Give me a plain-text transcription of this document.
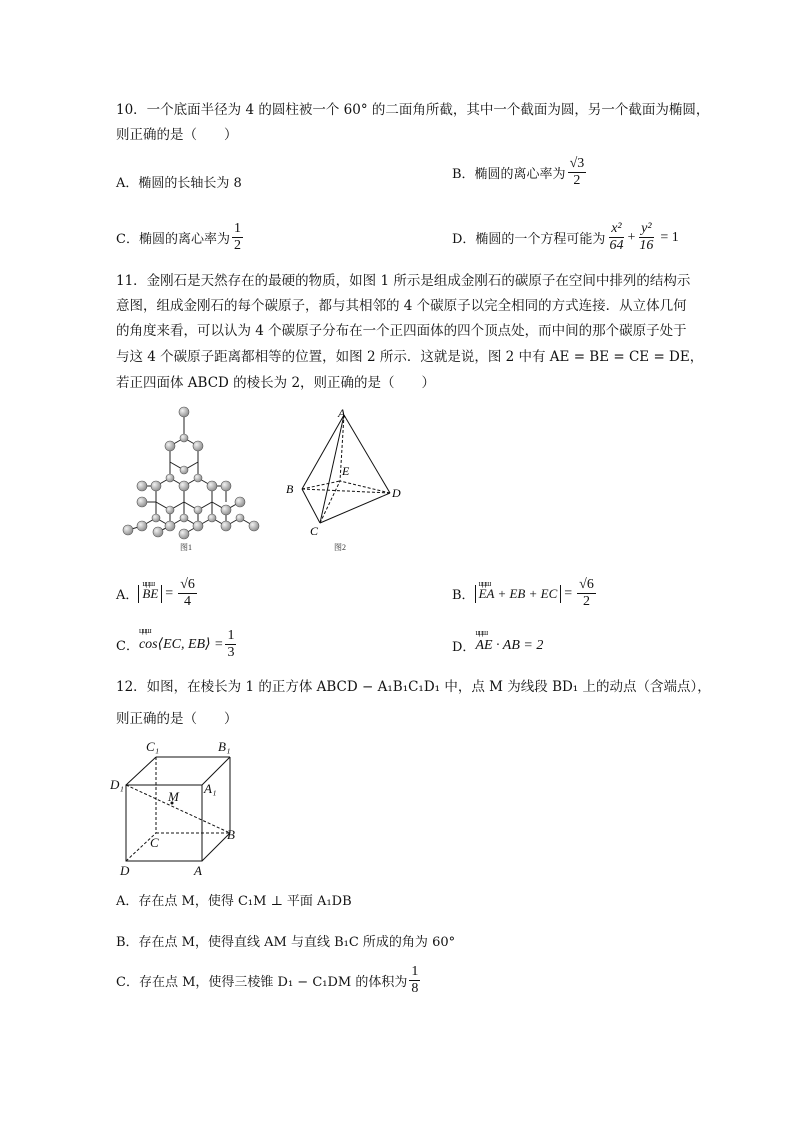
10．一个底面半径为 4 的圆柱被一个 60° 的二面角所截，其中一个截面为圆，另一个截面为椭圆，
则正确的是（　　）
A．椭圆的长轴长为 8
B．椭圆的离心率为 $\frac{√3}{2}$
C．椭圆的离心率为 $\frac{1}{2}$	D．椭圆的一个方程可能为 $\frac{\text{x²}}{64} + \frac{\text{y²}}{16} = 1$
11．金刚石是天然存在的最硬的物质，如图 1 所示是组成金刚石的碳原子在空间中排列的结构示
意图，组成金刚石的每个碳原子，都与其相邻的 4 个碳原子以完全相同的方式连接．从立体几何
的角度来看，可以认为 4 个碳原子分布在一个正四面体的四个顶点处，而中间的那个碳原子处于
与这 4 个碳原子距离都相等的位置，如图 2 所示．这就是说，图 2 中有 AE = BE = CE = DE，
若正四面体 ABCD 的棱长为 2，则正确的是（　　）
图1
A
B
C
D
E
图2
A． ццш BE = $\frac{√6}{4}$	B． ццш EA + EB + EC = $\frac{√6}{2}$
C． ццш cos⟨EC, EB⟩ = $\frac{1}{3}$	D． ццш AE · AB = 2
12．如图，在棱长为 1 的正方体 ABCD − A₁B₁C₁D₁ 中，点 M 为线段 BD₁ 上的动点（含端点），
则正确的是（　　）
C₁	B₁
D₁	A₁
M
B
C
D	A
A．存在点 M，使得 C₁M ⊥ 平面 A₁DB
B．存在点 M，使得直线 AM 与直线 B₁C 所成的角为 60°
C．存在点 M，使得三棱锥 D₁ − C₁DM 的体积为 $\frac{1}{8}$
